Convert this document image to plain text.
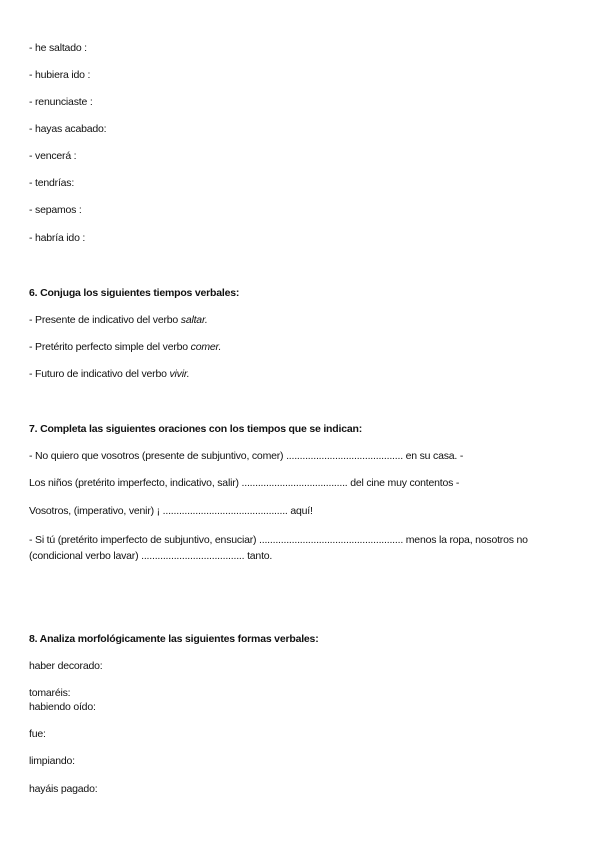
- he saltado :
- hubiera ido :
- renunciaste :
- hayas acabado:
- vencerá :
- tendrías:
- sepamos :
- habría ido :
6. Conjuga los siguientes tiempos verbales:
- Presente de indicativo del verbo saltar.
- Pretérito perfecto simple del verbo comer.
- Futuro de indicativo del verbo vivir.
7. Completa las siguientes oraciones con los tiempos que se indican:
- No quiero que vosotros (presente de subjuntivo, comer) ........................................... en su casa. -
Los niños (pretérito imperfecto, indicativo, salir) ....................................... del cine muy contentos -
Vosotros, (imperativo, venir) ¡ .............................................. aquí!
- Si tú (pretérito imperfecto de subjuntivo, ensuciar) ..................................................... menos la ropa, nosotros no (condicional verbo lavar) ...................................... tanto.
8. Analiza morfológicamente las siguientes formas verbales:
haber decorado:
tomaréis:
habiendo oído:
fue:
limpiando:
hayáis pagado:
